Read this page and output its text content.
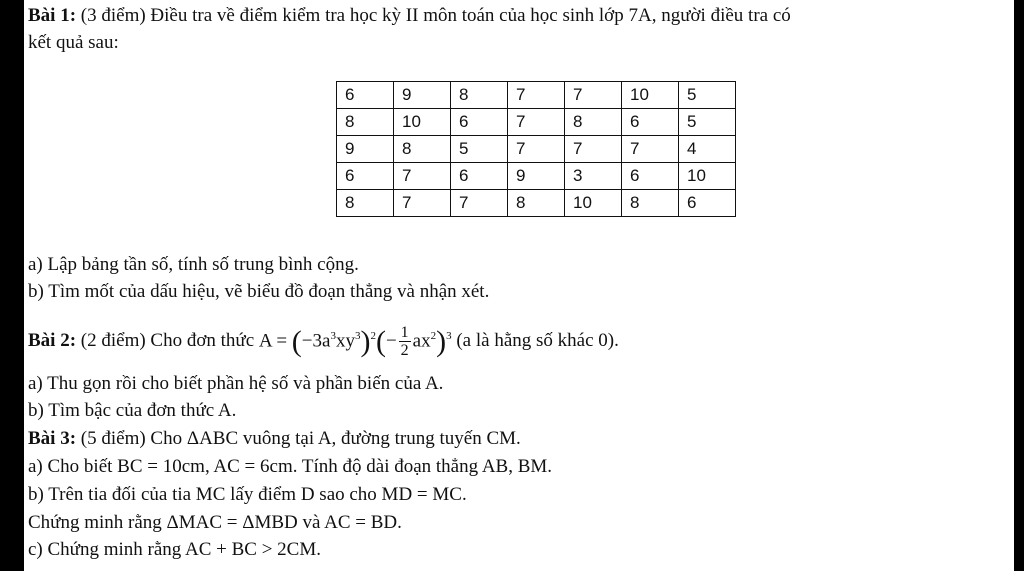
Bài 1: (3 điểm) Điều tra về điểm kiểm tra học kỳ II môn toán của học sinh lớp 7A, người điều tra có
kết quả sau:
6	9	8	7	7	10	5
8	10	6	7	8	6	5
9	8	5	7	7	7	4
6	7	6	9	3	6	10
8	7	7	8	10	8	6
a) Lập bảng tần số, tính số trung bình cộng.
b) Tìm mốt của dấu hiệu, vẽ biểu đồ đoạn thẳng và nhận xét.
Bài 2: (2 điểm) Cho đơn thức $A = (-3a^3xy^3)^2(- \frac{1}{2} ax^2)^3$ (a là hằng số khác 0).
a) Thu gọn rồi cho biết phần hệ số và phần biến của A.
b) Tìm bậc của đơn thức A.
Bài 3: (5 điểm) Cho ΔABC vuông tại A, đường trung tuyến CM.
a) Cho biết BC = 10cm, AC = 6cm. Tính độ dài đoạn thẳng AB, BM.
b) Trên tia đối của tia MC lấy điểm D sao cho MD = MC.
Chứng minh rằng ΔMAC = ΔMBD và AC = BD.
c) Chứng minh rằng AC + BC > 2CM.
